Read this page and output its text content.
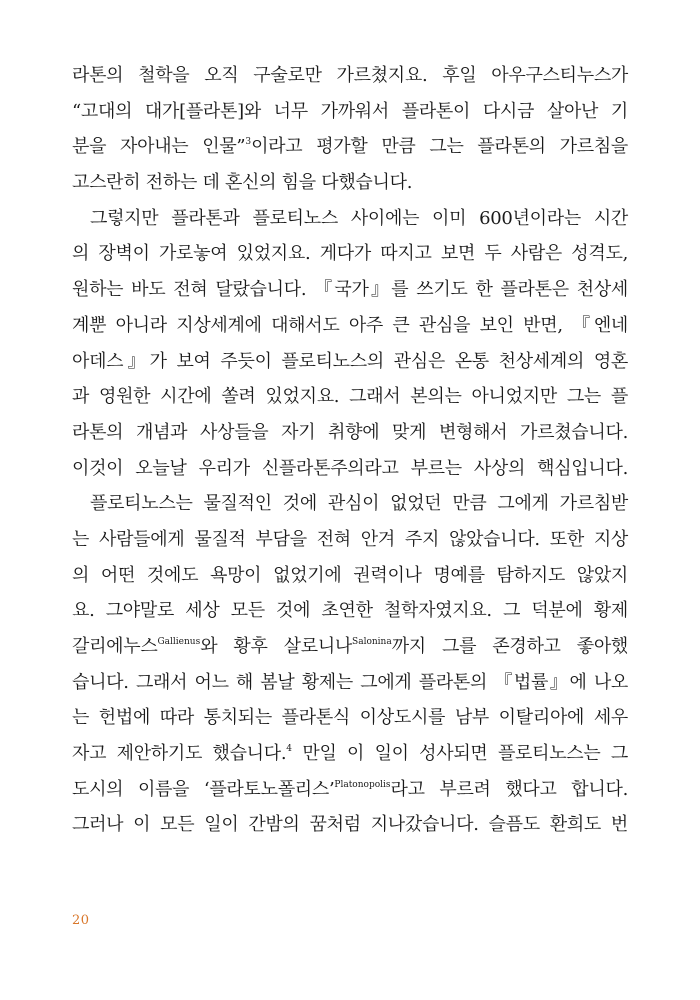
라톤의 철학을 오직 구술로만 가르쳤지요. 후일 아우구스티누스가
“고대의 대가[플라톤]와 너무 가까워서 플라톤이 다시금 살아난 기
분을 자아내는 인물”$^3$이라고 평가할 만큼 그는 플라톤의 가르침을
고스란히 전하는 데 혼신의 힘을 다했습니다.
그렇지만 플라톤과 플로티노스 사이에는 이미 600년이라는 시간
의 장벽이 가로놓여 있었지요. 게다가 따지고 보면 두 사람은 성격도,
원하는 바도 전혀 달랐습니다. 『국가』를 쓰기도 한 플라톤은 천상세
계뿐 아니라 지상세계에 대해서도 아주 큰 관심을 보인 반면, 『엔네
아데스』가 보여 주듯이 플로티노스의 관심은 온통 천상세계의 영혼
과 영원한 시간에 쏠려 있었지요. 그래서 본의는 아니었지만 그는 플
라톤의 개념과 사상들을 자기 취향에 맞게 변형해서 가르쳤습니다.
이것이 오늘날 우리가 신플라톤주의라고 부르는 사상의 핵심입니다.
플로티노스는 물질적인 것에 관심이 없었던 만큼 그에게 가르침받
는 사람들에게 물질적 부담을 전혀 안겨 주지 않았습니다. 또한 지상
의 어떤 것에도 욕망이 없었기에 권력이나 명예를 탐하지도 않았지
요. 그야말로 세상 모든 것에 초연한 철학자였지요. 그 덕분에 황제
갈리에누스$^{Gallienus}$와 황후 살로니나$^{Salonina}$까지 그를 존경하고 좋아했
습니다. 그래서 어느 해 봄날 황제는 그에게 플라톤의 『법률』에 나오
는 헌법에 따라 통치되는 플라톤식 이상도시를 남부 이탈리아에 세우
자고 제안하기도 했습니다.$^4$ 만일 이 일이 성사되면 플로티노스는 그
도시의 이름을 ‘플라토노폴리스’$^{Platonopolis}$라고 부르려 했다고 합니다.
그러나 이 모든 일이 간밤의 꿈처럼 지나갔습니다. 슬픔도 환희도 번
20
